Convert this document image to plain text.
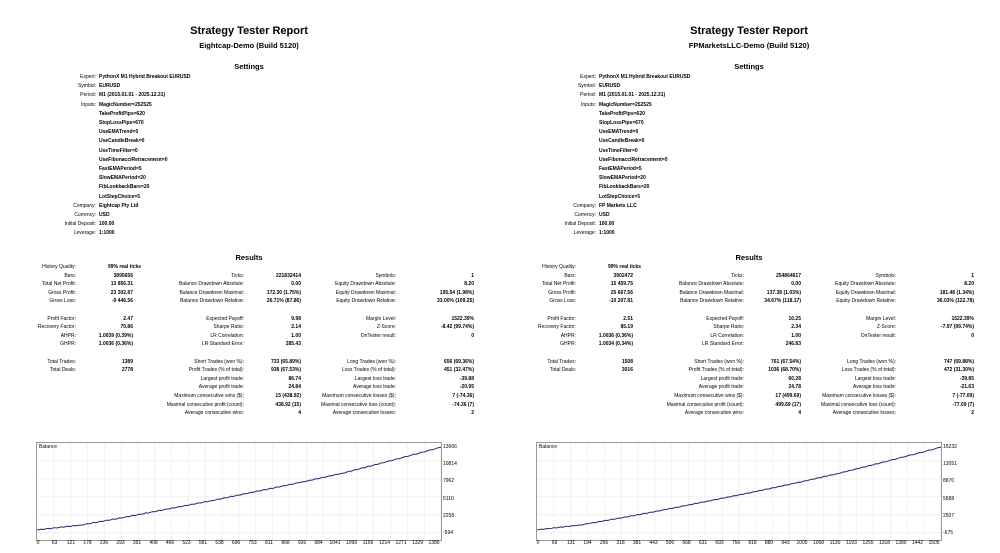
Strategy Tester Report
Eightcap-Demo (Build 5120)
Settings
Results
Expert: PythonX M1 Hybrid Breakout EURUSD
Symbol: EURUSD
Period: M1 (2015.01.01 - 2025.12.31)
Inputs: MagicNumber=252525
TakeProfitPips=620
StopLossPips=670
UseEMATrend=0
UseCandleBreak=0
UseTimeFilter=0
UseFibonacciRetracement=0
FastEMAPeriod=5
SlowEMAPeriod=20
FibLookbackBars=20
LotStepChoice=5
Company: Eightcap Pty Ltd
Currency: USD
Initial Deposit: 100.00
Leverage: 1:1000
History Quality:	99% real ticks
Bars:	3895656	Ticks:	221832414	Symbols:	1
Total Net Profit:	13 856.31	Balance Drawdown Absolute:	0.00	Equity Drawdown Absolute:	8.20
Gross Profit:	23 302.87	Balance Drawdown Maximal:	172.30 (1.75%)	Equity Drawdown Maximal:	195.54 (1.98%)
Gross Loss:	-9 446.56	Balance Drawdown Relative:	26.71% (87.86)	Equity Drawdown Relative:	33.00% (109.25)
Profit Factor:	2.47	Expected Payoff:	9.98	Margin Level:	1522.39%
Recovery Factor:	70.86	Sharpe Ratio:	2.14	Z-Score:	-8.42 (99.74%)
AHPR:	1.0039 (0.39%)	LR Correlation:	1.00	OnTester result:	0
GHPR:	1.0036 (0.36%)	LR Standard Error:	285.43
Total Trades:	1389	Short Trades (won %):	733 (65.89%)	Long Trades (won %):	656 (69.36%)
Total Deals:	2778	Profit Trades (% of total):	938 (67.53%)	Loss Trades (% of total):	451 (32.47%)
Largest profit trade:	86.74	Largest loss trade:	-39.88
Average profit trade:	24.84	Average loss trade:	-20.95
Maximum consecutive wins ($):	15 (438.92)	Maximum consecutive losses ($):	7 (-74.36)
Maximal consecutive profit (count):	438.92 (15)	Maximal consecutive loss (count):	-74.36 (7)
Average consecutive wins:	4	Average consecutive losses:	2
Balance	13666
10814
7962
5110
2258
-594
0 63 121 178 236 293 351 408 466 523 581 638 696 753 811 868 926 984 1041 1099 1156 1214 1271 1329 1386
Strategy Tester Report
FPMarketsLLC-Demo (Build 5120)
Settings
Results
Expert: PythonX M1 Hybrid Breakout EURUSD
Symbol: EURUSD
Period: M1 (2015.01.01 - 2025.12.31)
Inputs: MagicNumber=252525
TakeProfitPips=620
StopLossPips=670
UseEMATrend=0
UseCandleBreak=0
UseTimeFilter=0
UseFibonacciRetracement=0
FastEMAPeriod=5
SlowEMAPeriod=20
FibLookbackBars=20
LotStepChoice=5
Company: FP Markets LLC
Currency: USD
Initial Deposit: 100.00
Leverage: 1:1000
History Quality:	99% real ticks
Bars:	3902472	Ticks:	254864617	Symbols:	1
Total Net Profit:	15 459.75	Balance Drawdown Absolute:	0.00	Equity Drawdown Absolute:	8.20
Gross Profit:	25 667.56	Balance Drawdown Maximal:	137.38 (1.03%)	Equity Drawdown Maximal:	181.48 (1.34%)
Gross Loss:	-10 207.81	Balance Drawdown Relative:	34.67% (118.17)	Equity Drawdown Relative:	36.03% (122.78)
Profit Factor:	2.51	Expected Payoff:	10.25	Margin Level:	1522.39%
Recovery Factor:	85.19	Sharpe Ratio:	2.34	Z-Score:	-7.97 (99.74%)
AHPR:	1.0036 (0.36%)	LR Correlation:	1.00	OnTester result:	0
GHPR:	1.0034 (0.34%)	LR Standard Error:	246.83
Total Trades:	1508	Short Trades (won %):	761 (67.54%)	Long Trades (won %):	747 (69.88%)
Total Deals:	3016	Profit Trades (% of total):	1036 (68.70%)	Loss Trades (% of total):	472 (31.30%)
Largest profit trade:	60.28	Largest loss trade:	-39.85
Average profit trade:	24.78	Average loss trade:	-21.63
Maximum consecutive wins ($):	17 (499.69)	Maximum consecutive losses ($):	7 (-77.09)
Maximal consecutive profit (count):	499.69 (17)	Maximal consecutive loss (count):	-77.09 (7)
Average consecutive wins:	4	Average consecutive losses:	2
Balance	15232
12051
8870
5688
2507
-675
0 69 131 194 256 318 381 443 506 568 631 693 756 818 880 943 1005 1068 1130 1193 1255 1318 1380 1442 1505
